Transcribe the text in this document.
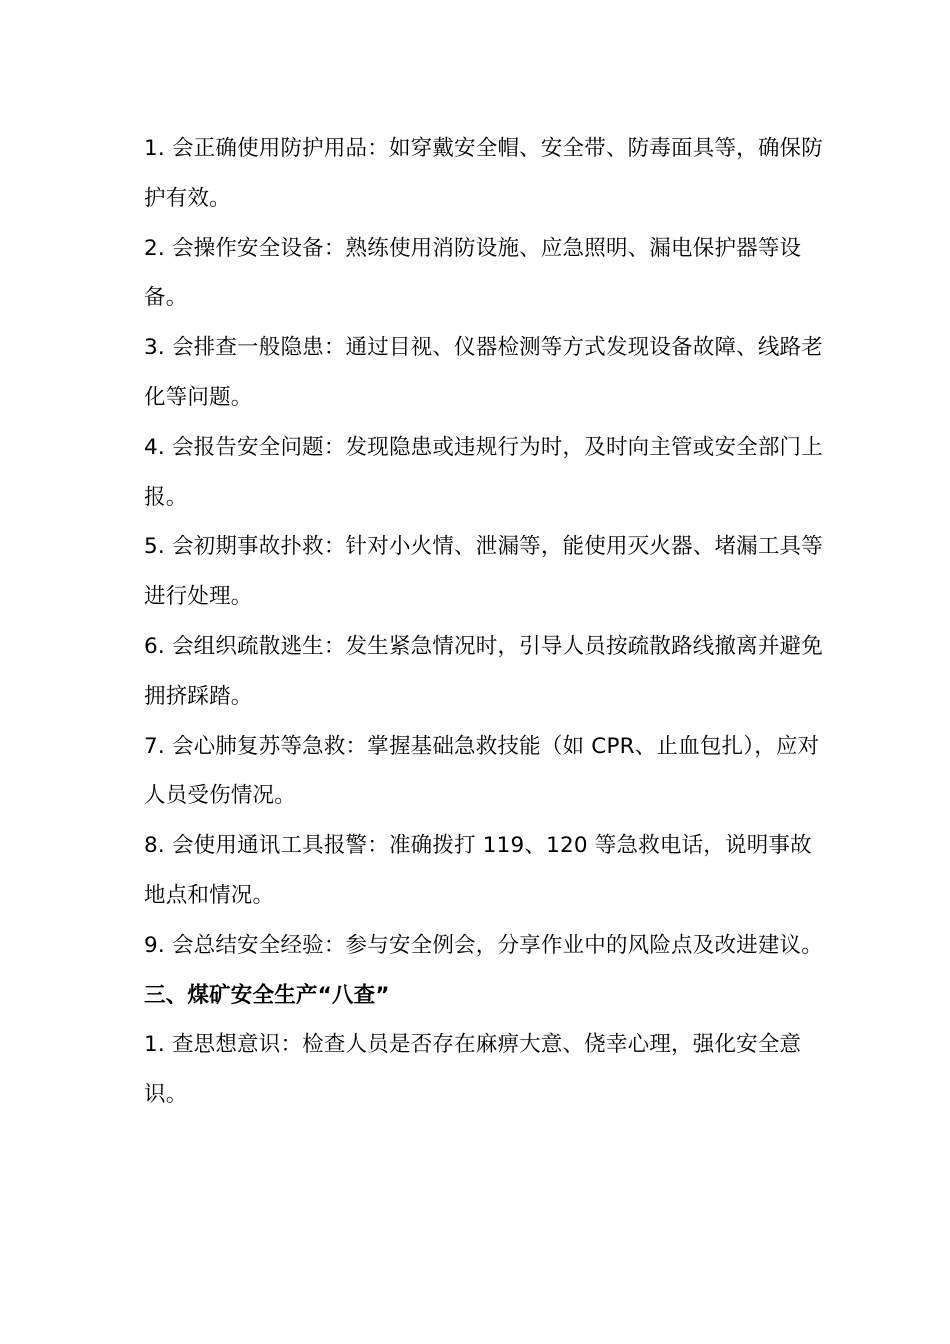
1. 会正确使用防护用品：如穿戴安全帽、安全带、防毒面具等，确保防护有效。

2. 会操作安全设备：熟练使用消防设施、应急照明、漏电保护器等设备。

3. 会排查一般隐患：通过目视、仪器检测等方式发现设备故障、线路老化等问题。

4. 会报告安全问题：发现隐患或违规行为时，及时向主管或安全部门上报。

5. 会初期事故扑救：针对小火情、泄漏等，能使用灭火器、堵漏工具等进行处理。

6. 会组织疏散逃生：发生紧急情况时，引导人员按疏散路线撤离并避免拥挤踩踏。

7. 会心肺复苏等急救：掌握基础急救技能（如 CPR、止血包扎），应对人员受伤情况。

8. 会使用通讯工具报警：准确拨打 119、120 等急救电话，说明事故地点和情况。

9. 会总结安全经验：参与安全例会，分享作业中的风险点及改进建议。

三、煤矿安全生产“八查”

1. 查思想意识：检查人员是否存在麻痹大意、侥幸心理，强化安全意识。
